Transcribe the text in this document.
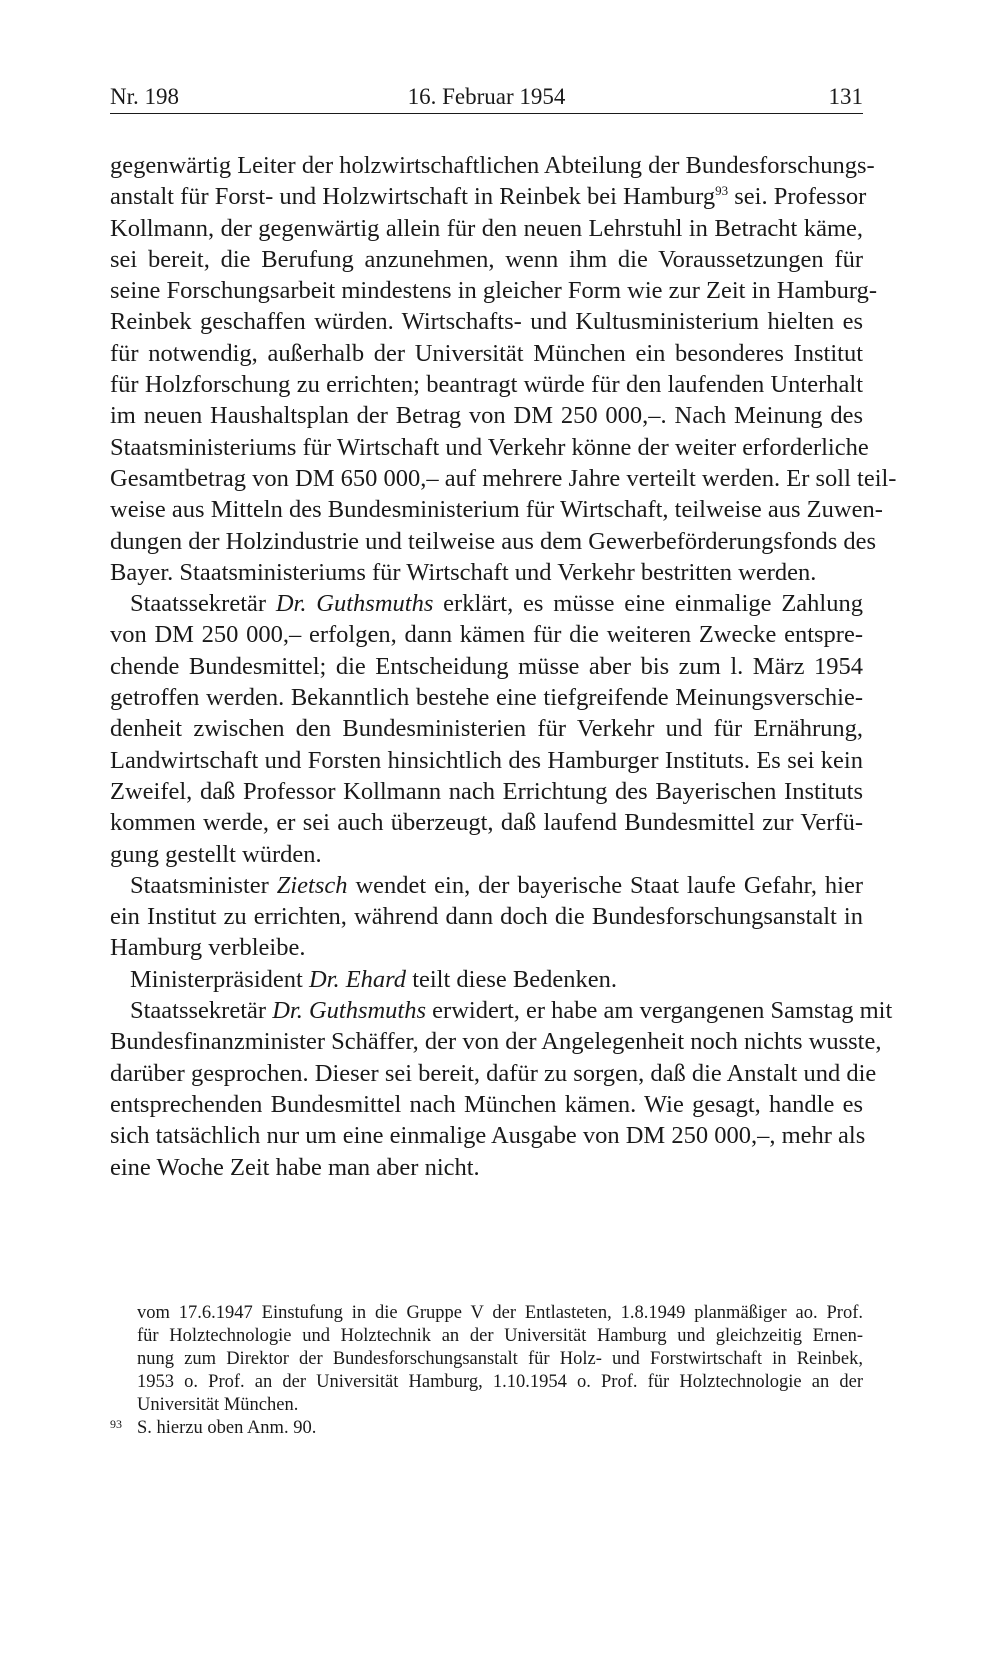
Nr. 198	16. Februar 1954	131
gegenwärtig Leiter der holzwirtschaftlichen Abteilung der Bundesforschungs-
anstalt für Forst- und Holzwirtschaft in Reinbek bei Hamburg$^{93}$ sei. Professor
Kollmann, der gegenwärtig allein für den neuen Lehrstuhl in Betracht käme,
sei bereit, die Berufung anzunehmen, wenn ihm die Voraussetzungen für
seine Forschungsarbeit mindestens in gleicher Form wie zur Zeit in Hamburg-
Reinbek geschaffen würden. Wirtschafts- und Kultusministerium hielten es
für notwendig, außerhalb der Universität München ein besonderes Institut
für Holzforschung zu errichten; beantragt würde für den laufenden Unterhalt
im neuen Haushaltsplan der Betrag von DM 250 000,–. Nach Meinung des
Staatsministeriums für Wirtschaft und Verkehr könne der weiter erforderliche
Gesamtbetrag von DM 650 000,– auf mehrere Jahre verteilt werden. Er soll teil-
weise aus Mitteln des Bundesministerium für Wirtschaft, teilweise aus Zuwen-
dungen der Holzindustrie und teilweise aus dem Gewerbeförderungsfonds des
Bayer. Staatsministeriums für Wirtschaft und Verkehr bestritten werden.
Staatssekretär Dr. Guthsmuths erklärt, es müsse eine einmalige Zahlung
von DM 250 000,– erfolgen, dann kämen für die weiteren Zwecke entspre-
chende Bundesmittel; die Entscheidung müsse aber bis zum l. März 1954
getroffen werden. Bekanntlich bestehe eine tiefgreifende Meinungsverschie-
denheit zwischen den Bundesministerien für Verkehr und für Ernährung,
Landwirtschaft und Forsten hinsichtlich des Hamburger Instituts. Es sei kein
Zweifel, daß Professor Kollmann nach Errichtung des Bayerischen Instituts
kommen werde, er sei auch überzeugt, daß laufend Bundesmittel zur Verfü-
gung gestellt würden.
Staatsminister Zietsch wendet ein, der bayerische Staat laufe Gefahr, hier
ein Institut zu errichten, während dann doch die Bundesforschungsanstalt in
Hamburg verbleibe.
Ministerpräsident Dr. Ehard teilt diese Bedenken.
Staatssekretär Dr. Guthsmuths erwidert, er habe am vergangenen Samstag mit
Bundesfinanzminister Schäffer, der von der Angelegenheit noch nichts wusste,
darüber gesprochen. Dieser sei bereit, dafür zu sorgen, daß die Anstalt und die
entsprechenden Bundesmittel nach München kämen. Wie gesagt, handle es
sich tatsächlich nur um eine einmalige Ausgabe von DM 250 000,–, mehr als
eine Woche Zeit habe man aber nicht.
vom 17.6.1947 Einstufung in die Gruppe V der Entlasteten, 1.8.1949 planmäßiger ao. Prof.
für Holztechnologie und Holztechnik an der Universität Hamburg und gleichzeitig Ernen-
nung zum Direktor der Bundesforschungsanstalt für Holz- und Forstwirtschaft in Reinbek,
1953 o. Prof. an der Universität Hamburg, 1.10.1954 o. Prof. für Holztechnologie an der
Universität München.
93 S. hierzu oben Anm. 90.
